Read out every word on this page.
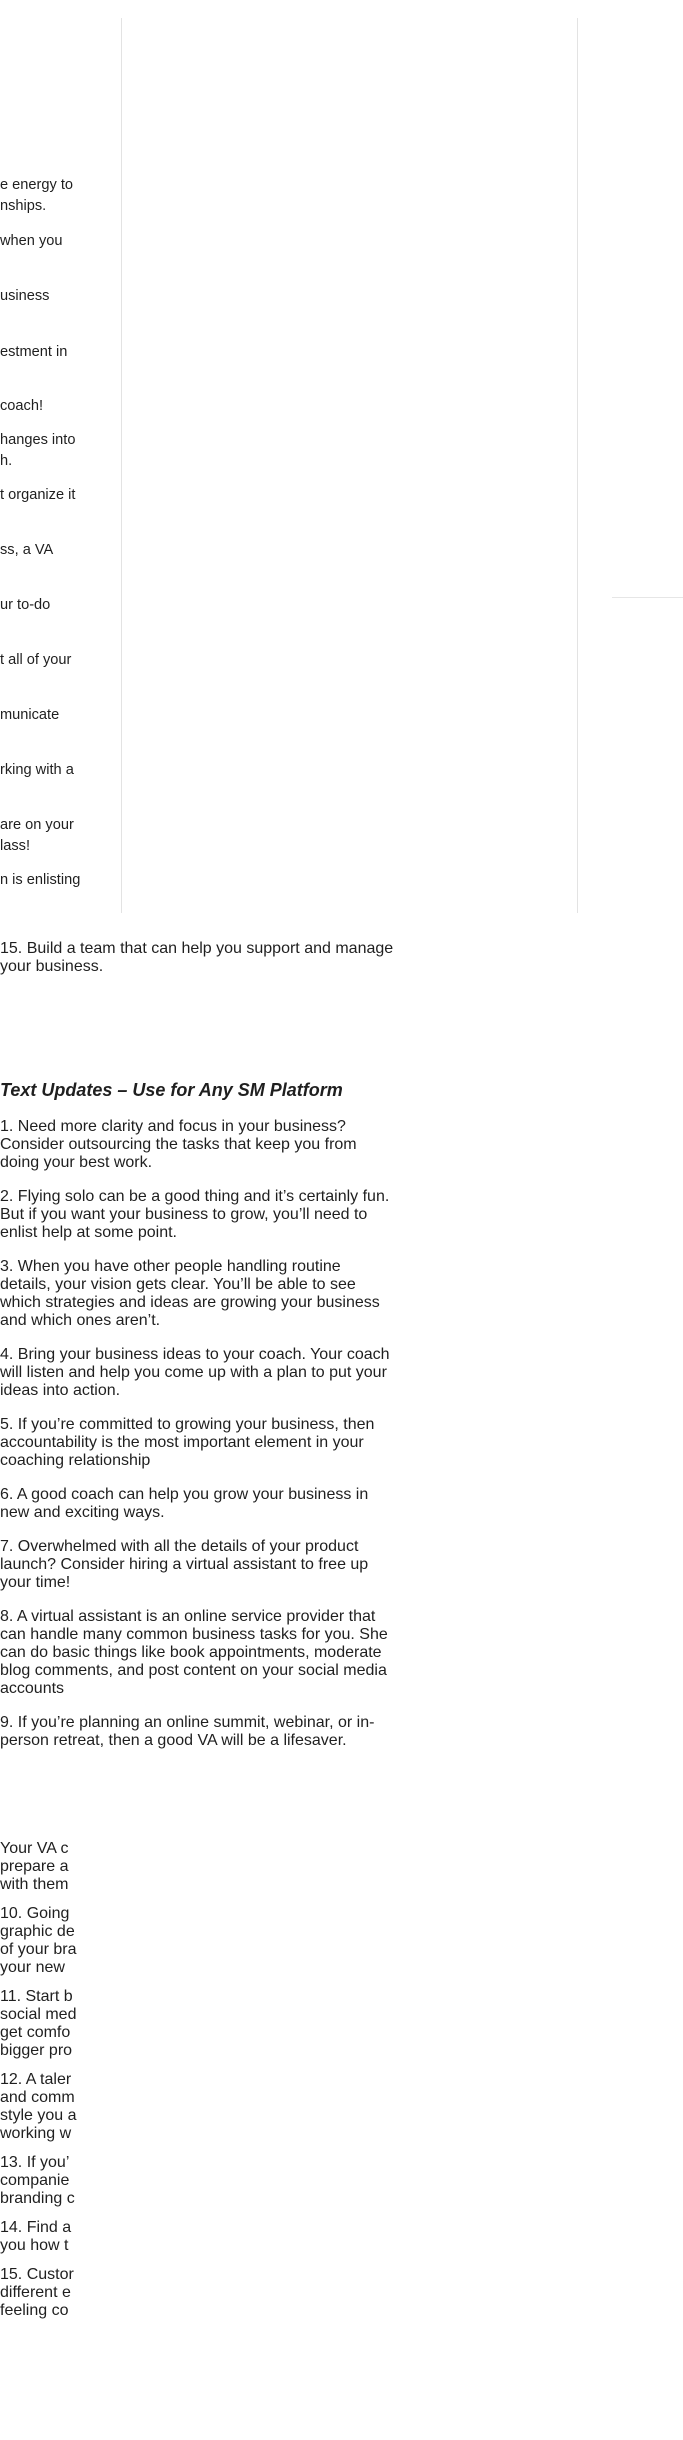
e energy to
nships.
when you
usiness
estment in
coach!
hanges into
h.
t organize it
ss, a VA
ur to-do
t all of your
municate
rking with a
are on your
lass!
n is enlisting

15. Build a team that can help you support and manage your business.

Text Updates – Use for Any SM Platform

1. Need more clarity and focus in your business? Consider outsourcing the tasks that keep you from doing your best work.

2. Flying solo can be a good thing and it’s certainly fun. But if you want your business to grow, you’ll need to enlist help at some point.

3. When you have other people handling routine details, your vision gets clear. You’ll be able to see which strategies and ideas are growing your business and which ones aren’t.

4. Bring your business ideas to your coach. Your coach will listen and help you come up with a plan to put your ideas into action.

5. If you’re committed to growing your business, then accountability is the most important element in your coaching relationship

6. A good coach can help you grow your business in new and exciting ways.

7. Overwhelmed with all the details of your product launch? Consider hiring a virtual assistant to free up your time!

8. A virtual assistant is an online service provider that can handle many common business tasks for you. She can do basic things like book appointments, moderate blog comments, and post content on your social media accounts

9. If you’re planning an online summit, webinar, or in-person retreat, then a good VA will be a lifesaver.

Your VA c
prepare a
with them

10. Going
graphic de
of your bra
your new

11. Start b
social med
get comfo
bigger pro

12. A taler
and comm
style you a
working w

13. If you’
companie
branding c

14. Find a
you how t

15. Custor
different e
feeling co
